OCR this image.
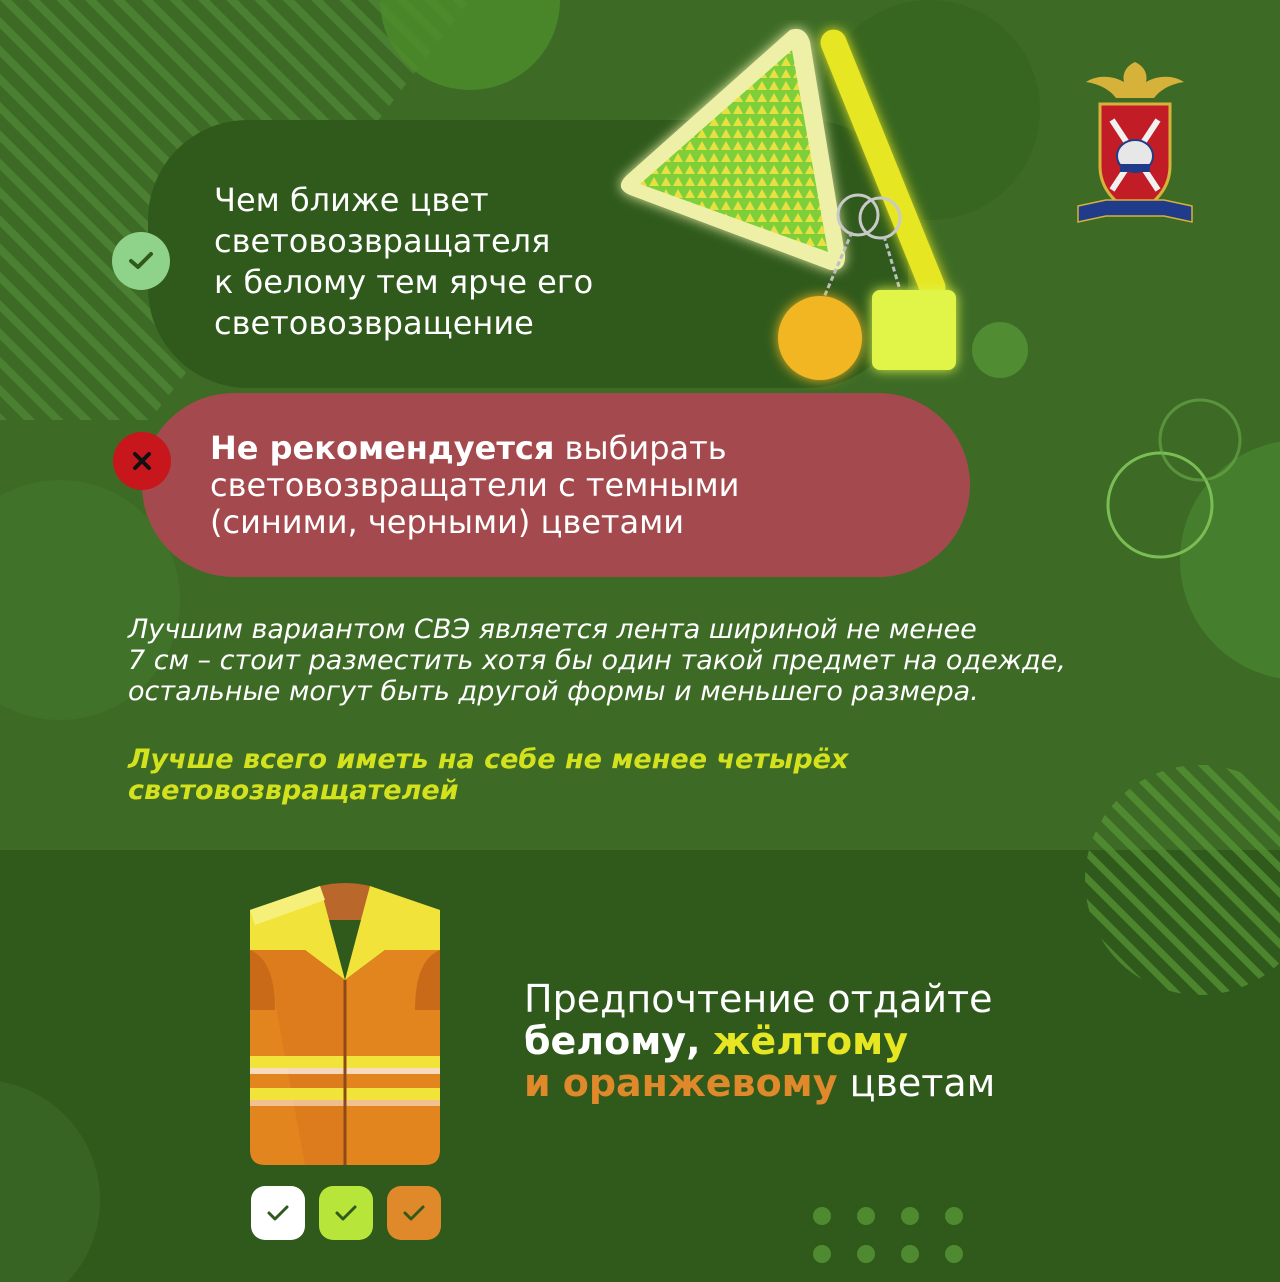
Чем ближе цвет
световозвращателя
к белому тем ярче его
световозвращение
Не рекомендуется выбирать
световозвращатели с темными
(синими, черными) цветами
Лучшим вариантом СВЭ является лента шириной не менее
7 см – стоит разместить хотя бы один такой предмет на одежде,
остальные могут быть другой формы и меньшего размера.
Лучше всего иметь на себе не менее четырёх
световозвращателей
Предпочтение отдайте
белому, жёлтому
и оранжевому цветам
